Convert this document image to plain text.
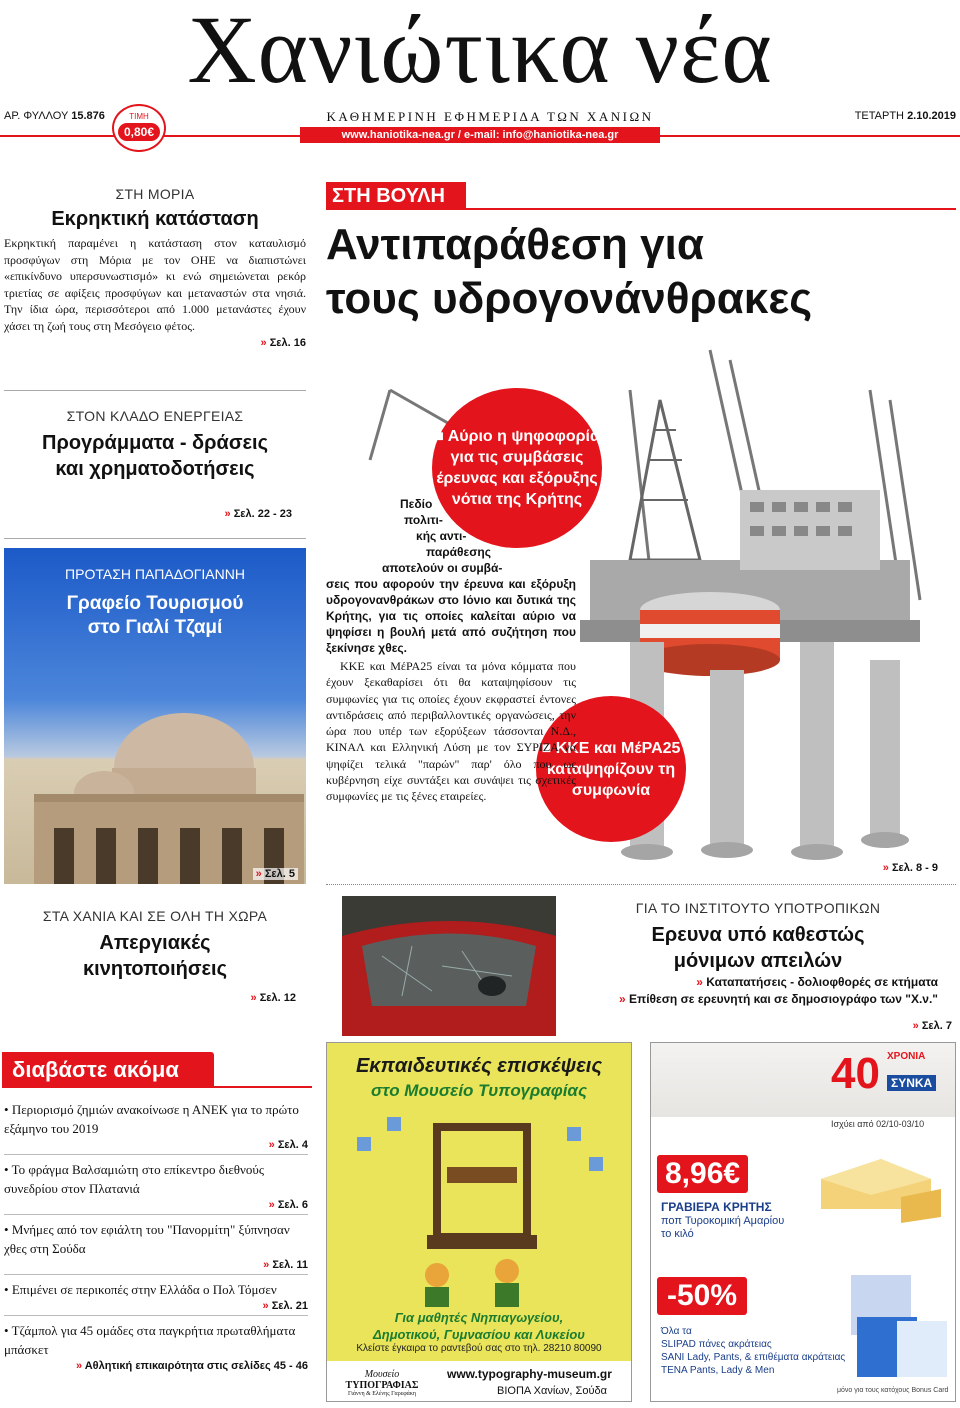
Χανιώτικα νέα
ΑΡ. ΦΥΛΛΟΥ 15.876	ΤΙΜΗ
0,80€
ΚΑΘΗΜΕΡΙΝΗ ΕΦΗΜΕΡΙΔΑ ΤΩΝ ΧΑΝΙΩΝ	ΤΕΤΑΡΤΗ 2.10.2019
www.haniotika-nea.gr / e-mail: info@haniotika-nea.gr
ΣΤΗ ΜΟΡΙΑ
Εκρηκτική κατάσταση
Εκρηκτική παραμένει η κατάσταση στον καταυλισμό προσφύγων στη Μόρια με τον ΟΗΕ να διαπιστώνει «επικίνδυνο υπερσυνωστισμό» κι ενώ σημειώνεται ρεκόρ τριετίας σε αφίξεις προσφύγων και μεταναστών στα νησιά. Την ίδια ώρα, περισσότεροι από 1.000 μετανάστες έχουν χάσει τη ζωή τους στη Μεσόγειο φέτος.
» Σελ. 16
ΣΤΟΝ ΚΛΑΔΟ ΕΝΕΡΓΕΙΑΣ
Προγράμματα - δράσεις
και χρηματοδοτήσεις
» Σελ. 22 - 23
ΠΡΟΤΑΣΗ ΠΑΠΑΔΟΓΙΑΝΝΗ
Γραφείο Τουρισμού
στο Γιαλί Τζαμί
» Σελ. 5
ΣΤΑ ΧΑΝΙΑ ΚΑΙ ΣΕ ΟΛΗ ΤΗ ΧΩΡΑ
Απεργιακές
κινητοποιήσεις
» Σελ. 12
ΣΤΗ ΒΟΥΛΗ
Αντιπαράθεση για
τους υδρογονάνθρακες
■ Αύριο η ψηφοφορία για τις συμβάσεις έρευνας και εξόρυξης νότια της Κρήτης
■ ΚΚΕ και ΜέΡΑ25 καταψηφίζουν τη συμφωνία
Πεδίο
πολιτι-
κής αντι-
παράθεσης
αποτελούν οι συμβά-
σεις που αφορούν την έρευνα και εξόρυξη υδρογονανθράκων στο Ιόνιο και δυτικά της Κρήτης, για τις οποίες καλείται αύριο να ψηφίσει η βουλή μετά από συζήτηση που ξεκίνησε χθες.
ΚΚΕ και ΜέΡΑ25 είναι τα μόνα κόμματα που έχουν ξεκαθαρίσει ότι θα καταψηφίσουν τις συμφωνίες για τις οποίες έχουν εκφραστεί έντονες αντιδράσεις από περιβαλλοντικές οργανώσεις, την ώρα που υπέρ των εξορύξεων τάσσονται Ν.Δ., ΚΙΝΑΛ και Ελληνική Λύση με τον ΣΥΡΙΖΑ να ψηφίζει τελικά "παρών" παρ' όλο που ως κυβέρνηση είχε συντάξει και συνάψει τις σχετικές συμφωνίες με τις ξένες εταιρείες.
» Σελ. 8 - 9
ΓΙΑ ΤΟ ΙΝΣΤΙΤΟΥΤΟ ΥΠΟΤΡΟΠΙΚΩΝ
Ερευνα υπό καθεστώς
μόνιμων απειλών
» Καταπατήσεις - δολιοφθορές σε κτήματα
» Επίθεση σε ερευνητή και σε δημοσιογράφο των "Χ.ν."
» Σελ. 7
διαβάστε ακόμα
• Περιορισμό ζημιών ανακοίνωσε η ΑΝΕΚ για το πρώτο εξάμηνο του 2019
» Σελ. 4
• Το φράγμα Βαλσαμιώτη στο επίκεντρο διεθνούς συνεδρίου στον Πλατανιά
» Σελ. 6
• Μνήμες από τον εφιάλτη του "Πανορμίτη" ξύπνησαν χθες στη Σούδα
» Σελ. 11
• Επιμένει σε περικοπές στην Ελλάδα ο Πολ Τόμσεν
» Σελ. 21
• Τζάμπολ για 45 ομάδες στα παγκρήτια πρωταθλήματα μπάσκετ
» Αθλητική επικαιρότητα στις σελίδες 45 - 46
Εκπαιδευτικές επισκέψεις
στο Μουσείο Τυπογραφίας
Για μαθητές Νηπιαγωγείου,
Δημοτικού, Γυμνασίου και Λυκείου
Κλείστε έγκαιρα το ραντεβού σας στο τηλ. 28210 80090
Μουσείο
ΤΥΠΟΓΡΑΦΙΑΣ
Γιάννη & Ελένης Γαρεφάκη
www.typography-museum.gr
ΒΙΟΠΑ Χανίων, Σούδα
40 ΧΡΟΝΙΑ
ΣΥΝΚΑ
Ισχύει από 02/10-03/10
8,96€
ΓΡΑΒΙΕΡΑ ΚΡΗΤΗΣ
ποπ Τυροκομική Αμαρίου
το κιλό
-50%
Όλα τα
SLIPAD πάνες ακράτειας
SANI Lady, Pants, & επιθέματα ακράτειας
TENA Pants, Lady & Men
μόνο για τους κατόχους Bonus Card
